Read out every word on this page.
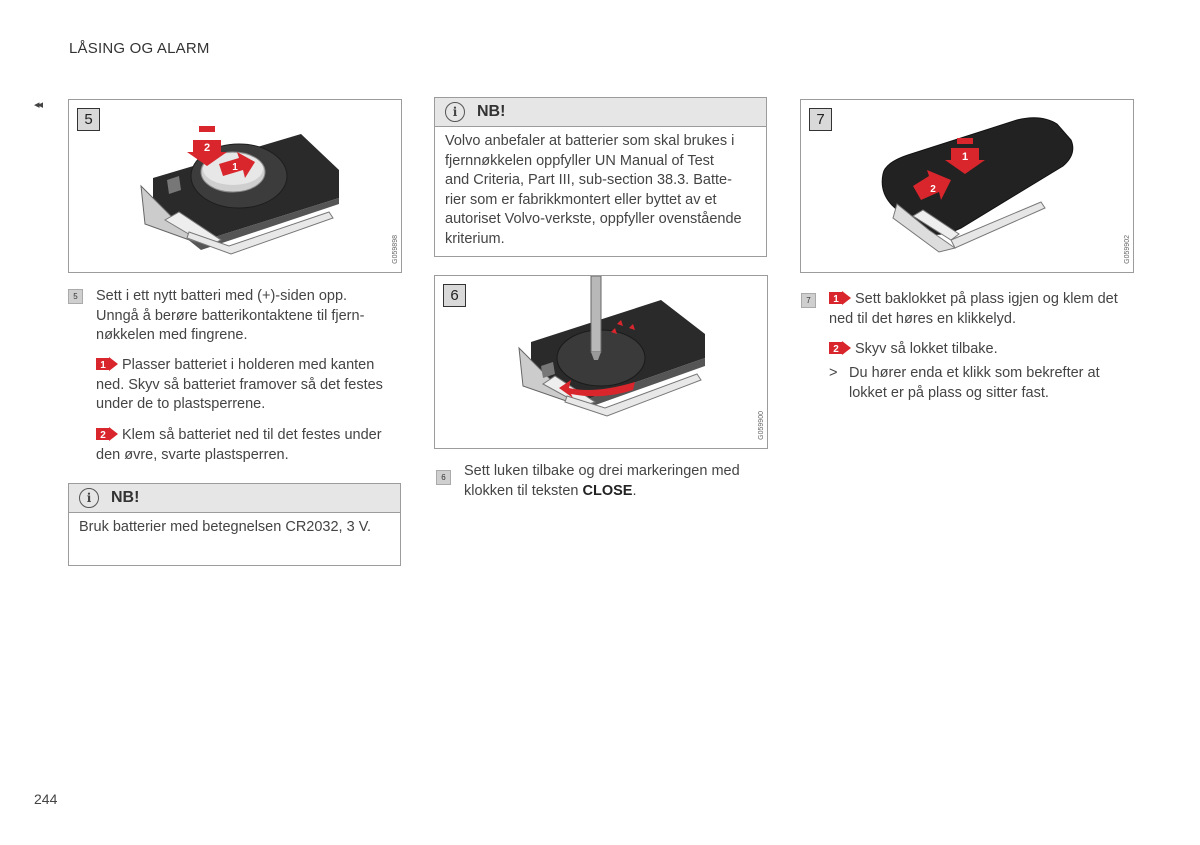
LÅSING OG ALARM
◂◂
2
1
5
G059898
5	Sett i ett nytt batteri med (+)-siden opp.
Unngå å berøre batterikontaktene til fjern-
nøkkelen med fingrene.
1 Plasser batteriet i holderen med kanten
ned. Skyv så batteriet framover så det festes
under de to plastsperrene.
2 Klem så batteriet ned til det festes under
den øvre, svarte plastsperren.
i	NB!
Bruk batterier med betegnelsen CR2032, 3 V.
i	NB!
Volvo anbefaler at batterier som skal brukes i
fjernnøkkelen oppfyller UN Manual of Test
and Criteria, Part III, sub-section 38.3. Batte-
rier som er fabrikkmontert eller byttet av et
autoriset Volvo-verkste, oppfyller ovenstående
kriterium.
6
G059900
6	Sett luken tilbake og drei markeringen med
klokken til teksten CLOSE.
1
2
7
G059902
7	1 Sett baklokket på plass igjen og klem det
ned til det høres en klikkelyd.
2 Skyv så lokket tilbake.
> Du hører enda et klikk som bekrefter at
lokket er på plass og sitter fast.
244
